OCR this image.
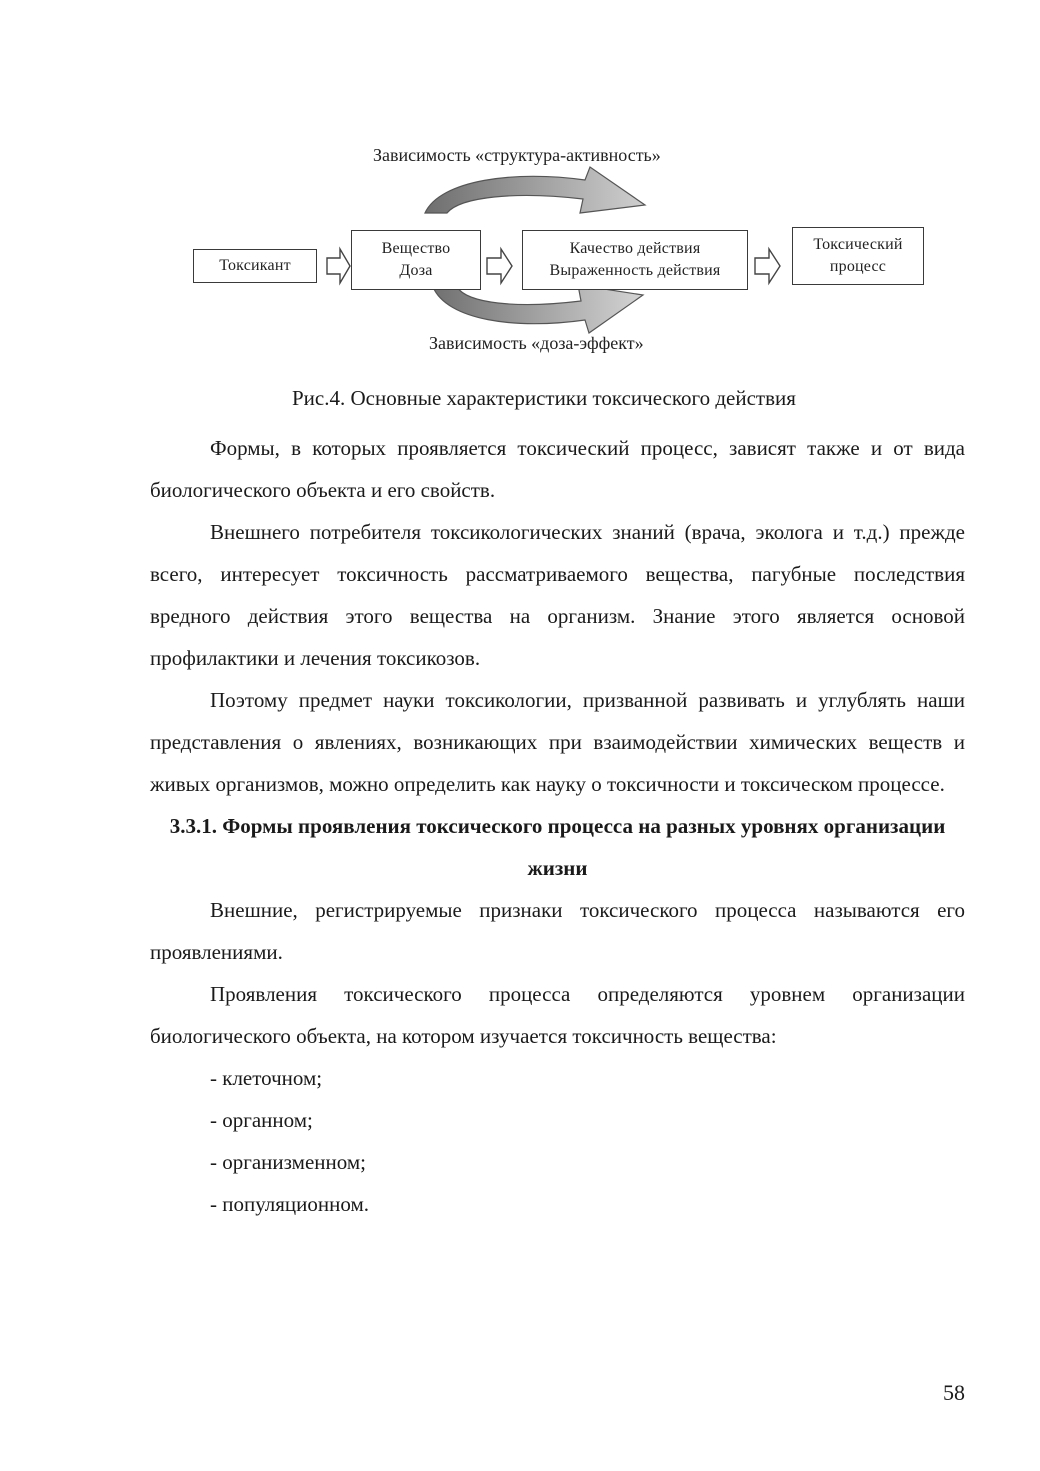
Зависимость «структура-активность»
Зависимость «доза-эффект»
Токсикант
Вещество
Доза
Качество действия
Выраженность действия
Токсический
процесс
Рис.4. Основные характеристики токсического действия

Формы, в которых проявляется токсический процесс, зависят также и от вида биологического объекта и его свойств.

Внешнего потребителя токсикологических знаний (врача, эколога и т.д.) прежде всего, интересует токсичность рассматриваемого вещества, пагубные последствия вредного действия этого вещества на организм. Знание этого является основой профилактики и лечения токсикозов.

Поэтому предмет науки токсикологии, призванной развивать и углублять наши представления о явлениях, возникающих при взаимодействии химических веществ и живых организмов, можно определить как науку о токсичности и токсическом процессе.

3.3.1. Формы проявления токсического процесса на разных уровнях организации жизни

Внешние, регистрируемые признаки токсического процесса называются его проявлениями.

Проявления токсического процесса определяются уровнем организации биологического объекта, на котором изучается токсичность вещества:

- клеточном;
- органном;
- организменном;
- популяционном.
58
